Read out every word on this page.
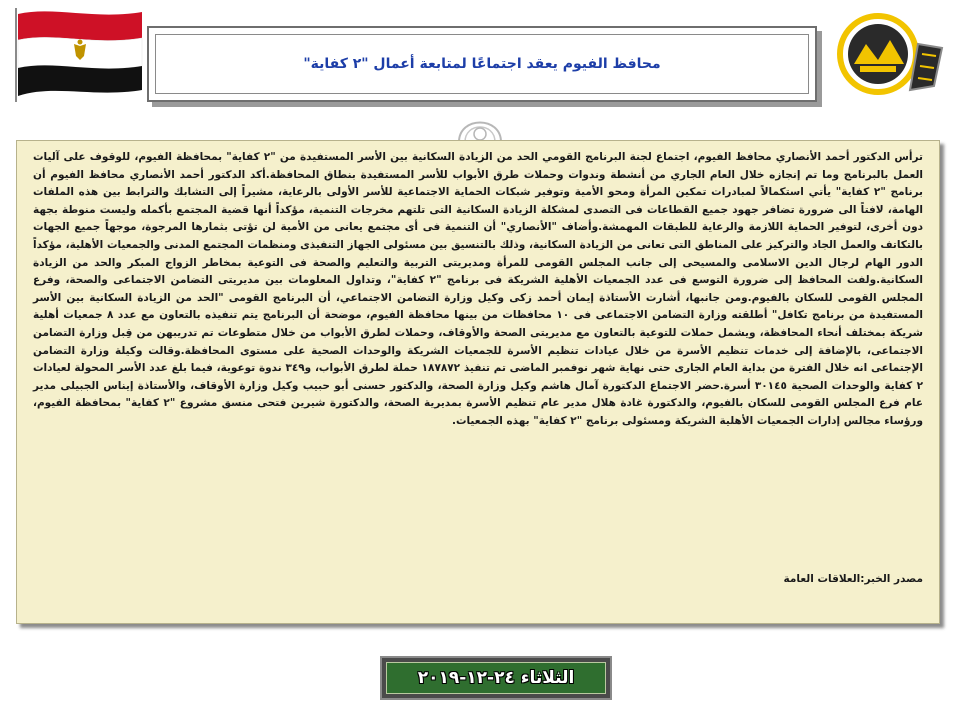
محافظ الفيوم يعقد اجتماعًا لمتابعة أعمال "٢ كفاية"

ترأس الدكتور أحمد الأنصاري محافظ الفيوم، اجتماع لجنة البرنامج القومي الحد من الزيادة السكانية بين الأسر المستفيدة من "٢ كفاية" بمحافظة الفيوم، للوقوف على آليات العمل بالبرنامج وما تم إنجازه خلال العام الجاري من أنشطة وندوات وحملات طرق الأبواب للأسر المستفيدة بنطاق المحافظة.أكد الدكتور أحمد الأنصاري محافظ الفيوم أن برنامج "٢ كفاية" يأتي استكمالاً لمبادرات تمكين المرأة ومحو الأمية وتوفير شبكات الحماية الاجتماعية للأسر الأولى بالرعاية، مشيراً إلى التشابك والترابط بين هذه الملفات الهامة، لافتاً الى ضرورة تضافر جهود جميع القطاعات فى التصدى لمشكلة الزيادة السكانية التى تلتهم مخرجات التنمية، مؤكداً أنها قضية المجتمع بأكمله وليست منوطة بجهة دون أخرى، لتوفير الحماية اللازمة والرعاية للطبقات المهمشة.وأضاف "الأنصاري" أن التنمية فى أى مجتمع يعانى من الأمية لن تؤتى بثمارها المرجوة، موجهاً جميع الجهات بالتكاتف والعمل الجاد والتركيز على المناطق التى تعانى من الزيادة السكانية، وذلك بالتنسيق بين مسئولى الجهاز التنفيذى ومنظمات المجتمع المدنى والجمعيات الأهلية، مؤكداً الدور الهام لرجال الدين الاسلامى والمسيحى إلى جانب المجلس القومى للمرأة ومديريتى التربية والتعليم والصحة فى التوعية بمخاطر الزواج المبكر والحد من الزيادة السكانية.ولفت المحافظ إلى ضرورة التوسع فى عدد الجمعيات الأهلية الشريكة فى برنامج "٢ كفاية"، وتداول المعلومات بين مديريتى التضامن الاجتماعى والصحة، وفرع المجلس القومى للسكان بالفيوم.ومن جانبها، أشارت الأستاذة إيمان أحمد زكى وكيل وزارة التضامن الاجتماعي، أن البرنامج القومى "الحد من الزيادة السكانية بين الأسر المستفيدة من برنامج تكافل" أطلقته وزارة التضامن الاجتماعى فى ١٠ محافظات من بينها محافظة الفيوم، موضحة أن البرنامج يتم تنفيذه بالتعاون مع عدد ٨ جمعيات أهلية شريكة بمختلف أنحاء المحافظة، ويشمل حملات للتوعية بالتعاون مع مديريتى الصحة والأوقاف، وحملات لطرق الأبواب من خلال متطوعات تم تدريبهن من قِبل وزارة التضامن الاجتماعى، بالإضافة إلى خدمات تنظيم الأسرة من خلال عيادات تنظيم الأسرة للجمعيات الشريكة والوحدات الصحية على مستوى المحافظة.وقالت وكيلة وزارة التضامن الإجتماعى انه خلال الفترة من بداية العام الجارى حتى نهاية شهر نوفمبر الماضى تم تنفيذ ١٨٧٨٧٢ حملة لطرق الأبواب، و٣٤٩ ندوة توعوية، فيما بلغ عدد الأسر المحولة لعيادات ٢ كفاية والوحدات الصحية ٣٠١٤٥ أسرة.حضر الاجتماع الدكتورة آمال هاشم وكيل وزارة الصحة، والدكتور حسنى أبو حبيب وكيل وزارة الأوقاف، والأستاذة إيناس الجبيلى مدير عام فرع المجلس القومى للسكان بالفيوم، والدكتورة غادة هلال مدير عام تنظيم الأسرة بمديرية الصحة، والدكتورة شيرين فتحى منسق مشروع "٢ كفاية" بمحافظة الفيوم، ورؤساء مجالس إدارات الجمعيات الأهلية الشريكة ومسئولى برنامج "٢ كفاية" بهذه الجمعيات.

مصدر الخبر:العلاقات العامة
الثلاثاء ٢٤-١٢-٢٠١٩
